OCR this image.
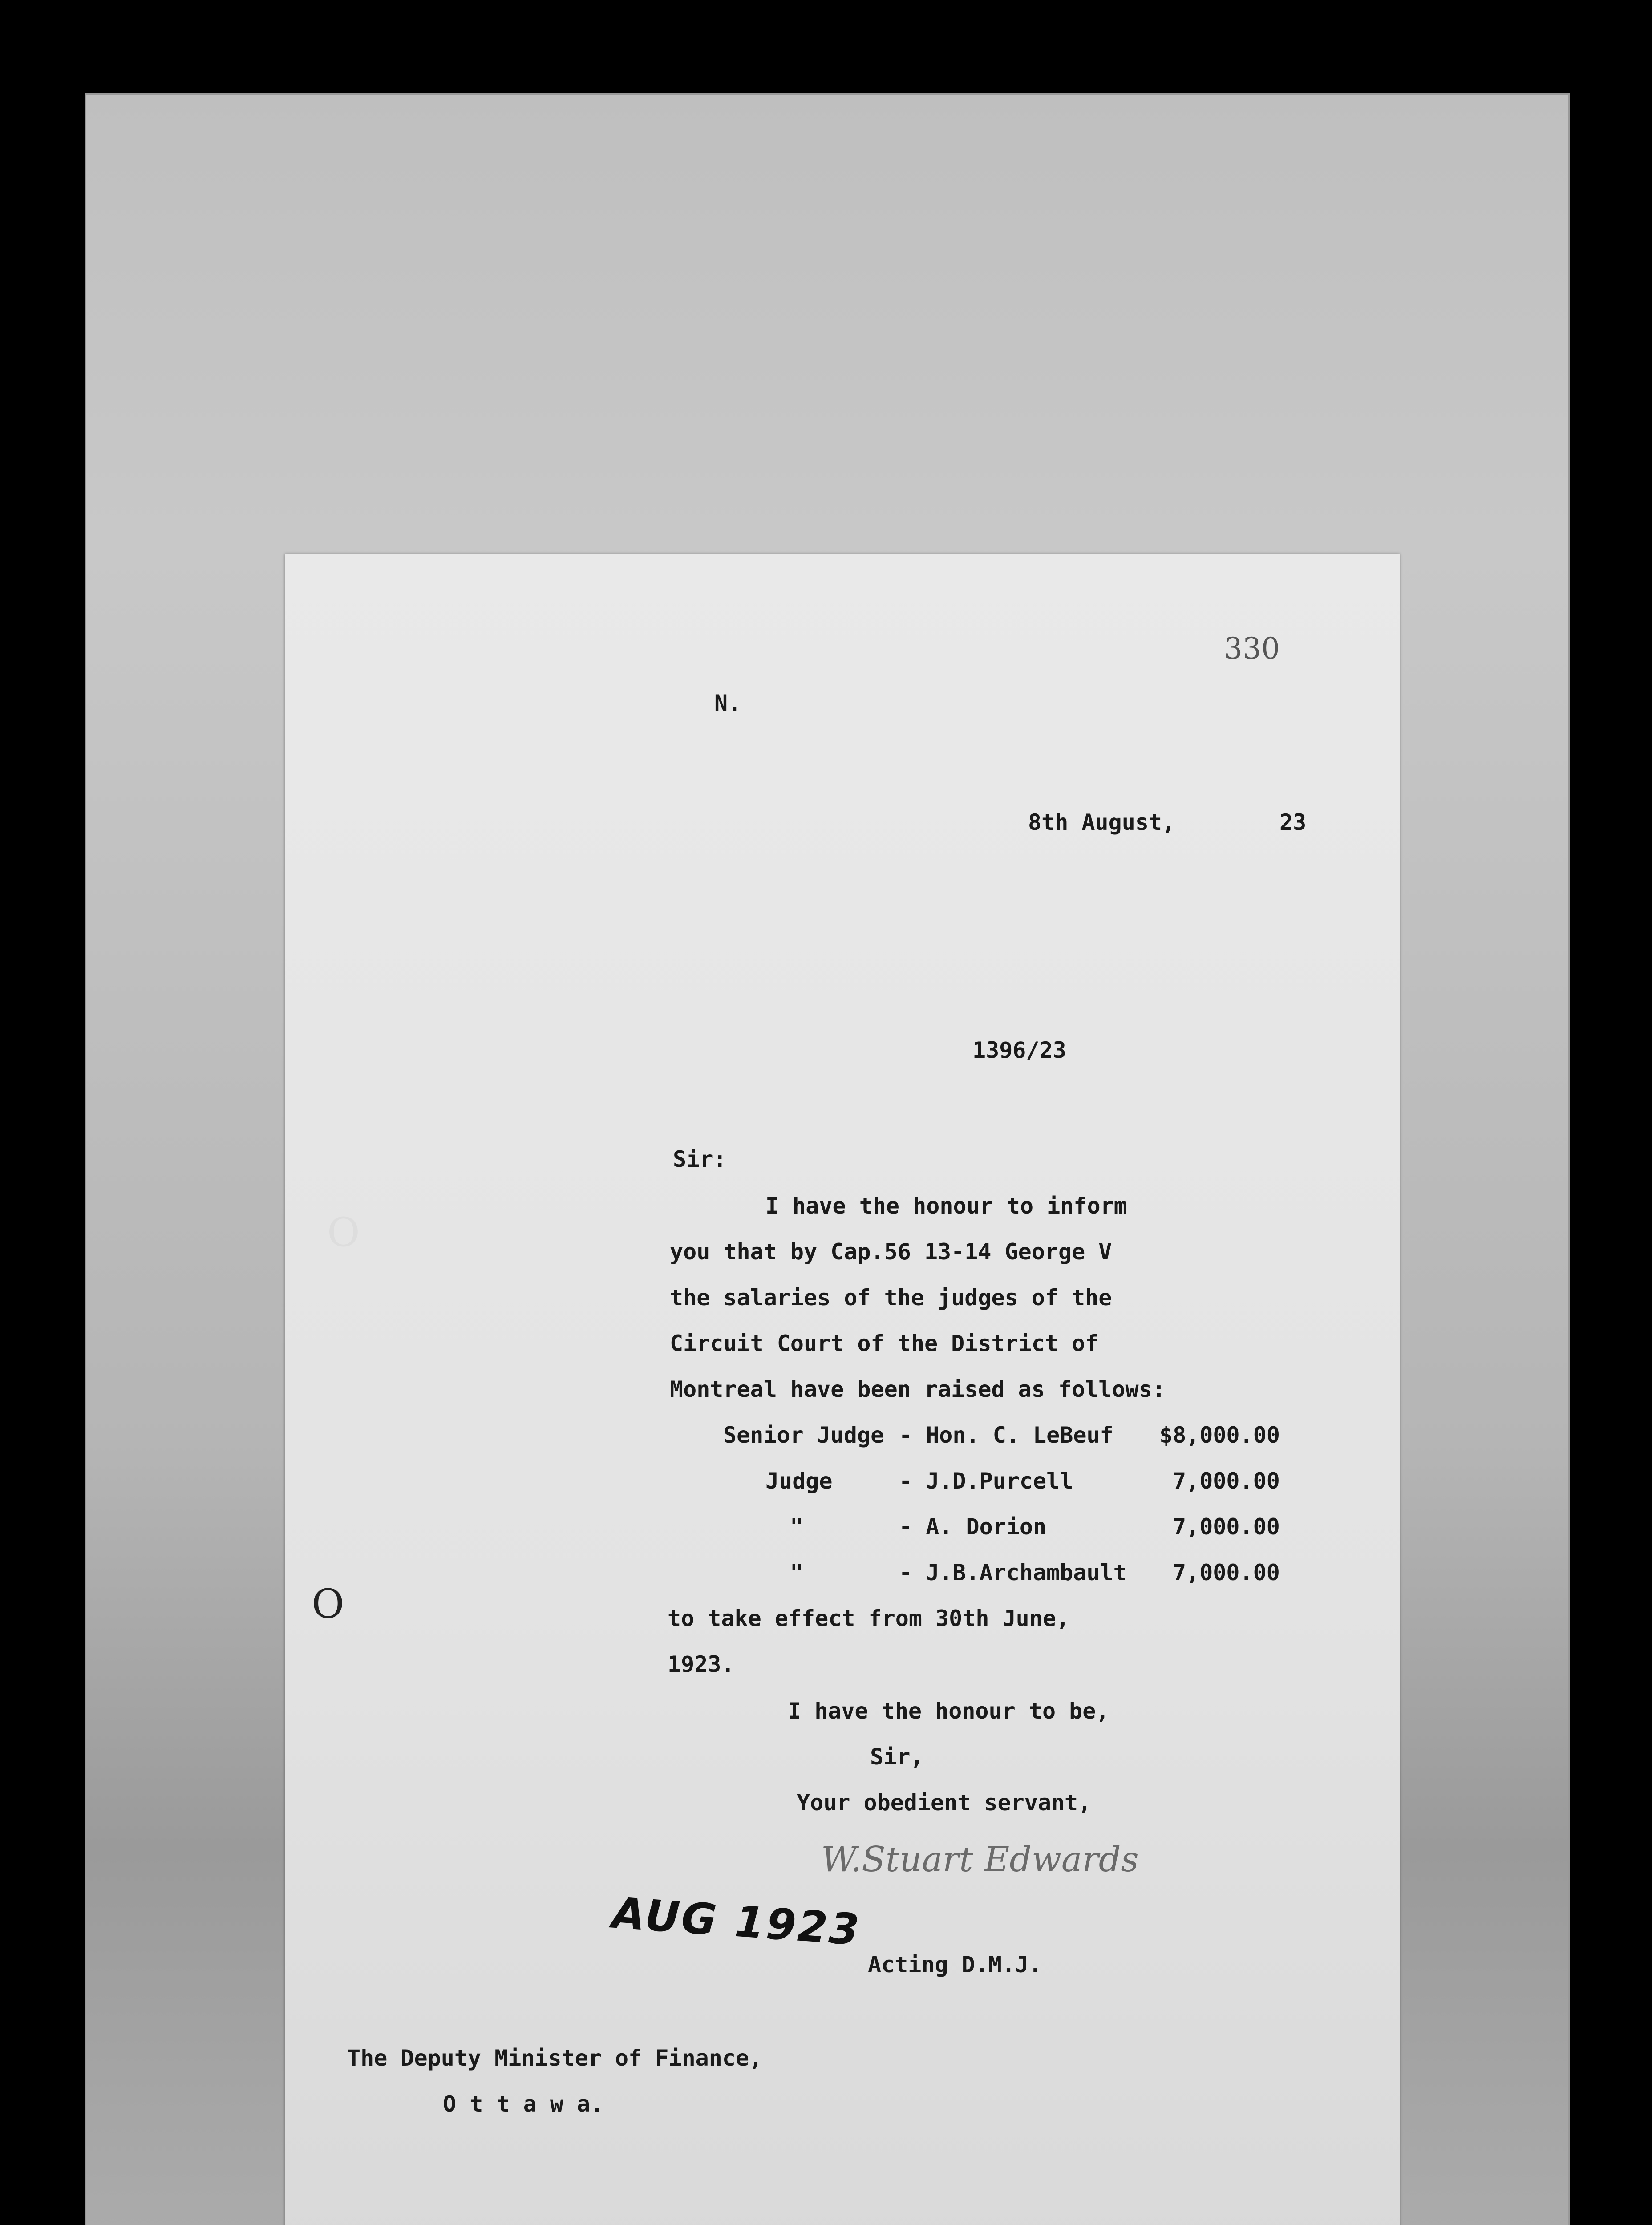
330
N.
8th August,	23
1396/23
Sir:
I have the honour to inform
you that by Cap.56 13-14 George V
the salaries of the judges of the
Circuit Court of the District of
Montreal have been raised as follows:
Senior Judge - Hon. C. LeBeuf $8,000.00
Judge	- J.D.Purcell	7,000.00
"	- A. Dorion	7,000.00
"	- J.B.Archambault 7,000.00
to take effect from 30th June,
1923.
I have the honour to be,
Sir,
Your obedient servant,
W.Stuart Edwards
AUG 1923
Acting D.M.J.
The Deputy Minister of Finance,
O t t a w a.
O
O
